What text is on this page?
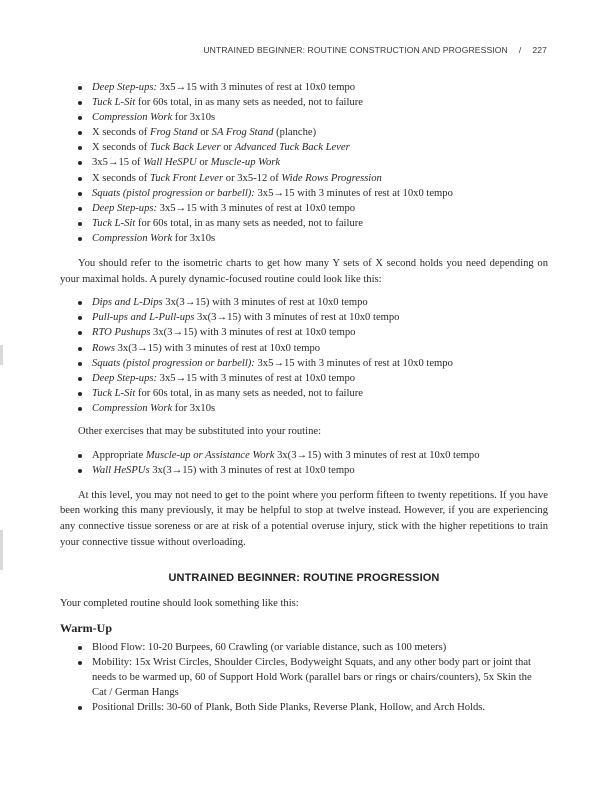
UNTRAINED BEGINNER: ROUTINE CONSTRUCTION AND PROGRESSION / 227
Deep Step-ups: 3x5→15 with 3 minutes of rest at 10x0 tempo
Tuck L-Sit for 60s total, in as many sets as needed, not to failure
Compression Work for 3x10s
X seconds of Frog Stand or SA Frog Stand (planche)
X seconds of Tuck Back Lever or Advanced Tuck Back Lever
3x5→15 of Wall HeSPU or Muscle-up Work
X seconds of Tuck Front Lever or 3x5-12 of Wide Rows Progression
Squats (pistol progression or barbell): 3x5→15 with 3 minutes of rest at 10x0 tempo
Deep Step-ups: 3x5→15 with 3 minutes of rest at 10x0 tempo
Tuck L-Sit for 60s total, in as many sets as needed, not to failure
Compression Work for 3x10s

You should refer to the isometric charts to get how many Y sets of X second holds you need depending on your maximal holds. A purely dynamic-focused routine could look like this:

Dips and L-Dips 3x(3→15) with 3 minutes of rest at 10x0 tempo
Pull-ups and L-Pull-ups 3x(3→15) with 3 minutes of rest at 10x0 tempo
RTO Pushups 3x(3→15) with 3 minutes of rest at 10x0 tempo
Rows 3x(3→15) with 3 minutes of rest at 10x0 tempo
Squats (pistol progression or barbell): 3x5→15 with 3 minutes of rest at 10x0 tempo
Deep Step-ups: 3x5→15 with 3 minutes of rest at 10x0 tempo
Tuck L-Sit for 60s total, in as many sets as needed, not to failure
Compression Work for 3x10s

Other exercises that may be substituted into your routine:

Appropriate Muscle-up or Assistance Work 3x(3→15) with 3 minutes of rest at 10x0 tempo
Wall HeSPUs 3x(3→15) with 3 minutes of rest at 10x0 tempo

At this level, you may not need to get to the point where you perform fifteen to twenty repetitions. If you have been working this many previously, it may be helpful to stop at twelve instead. However, if you are experiencing any connective tissue soreness or are at risk of a potential overuse injury, stick with the higher repetitions to train your connective tissue without overloading.

UNTRAINED BEGINNER: ROUTINE PROGRESSION

Your completed routine should look something like this:

Warm-Up
Blood Flow: 10-20 Burpees, 60 Crawling (or variable distance, such as 100 meters)
Mobility: 15x Wrist Circles, Shoulder Circles, Bodyweight Squats, and any other body part or joint that needs to be warmed up, 60 of Support Hold Work (parallel bars or rings or chairs/counters), 5x Skin the Cat / German Hangs
Positional Drills: 30-60 of Plank, Both Side Planks, Reverse Plank, Hollow, and Arch Holds.
